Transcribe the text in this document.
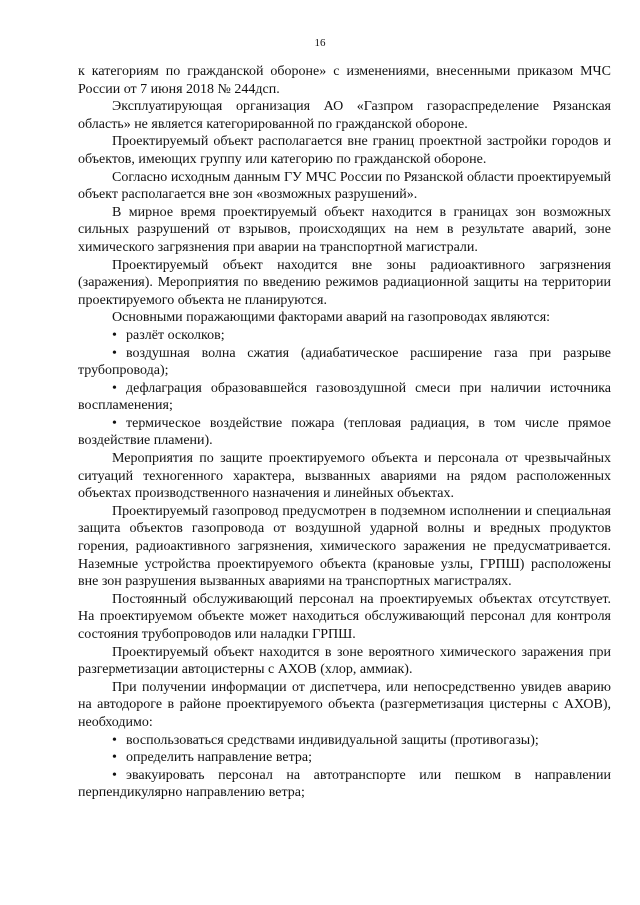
16

к категориям по гражданской обороне» с изменениями, внесенными приказом МЧС России от 7 июня 2018 № 244дсп.

Эксплуатирующая организация АО «Газпром газораспределение Рязанская область» не является категорированной по гражданской обороне.

Проектируемый объект располагается вне границ проектной застройки городов и объектов, имеющих группу или категорию по гражданской обороне.

Согласно исходным данным ГУ МЧС России по Рязанской области проектируемый объект располагается вне зон «возможных разрушений».

В мирное время проектируемый объект находится в границах зон возможных сильных разрушений от взрывов, происходящих на нем в результате аварий, зоне химического загрязнения при аварии на транспортной магистрали.

Проектируемый объект находится вне зоны радиоактивного загрязнения (заражения). Мероприятия по введению режимов радиационной защиты на территории проектируемого объекта не планируются.

Основными поражающими факторами аварий на газопроводах являются:

• разлёт осколков;

• воздушная волна сжатия (адиабатическое расширение газа при разрыве трубопровода);

• дефлаграция образовавшейся газовоздушной смеси при наличии источника воспламенения;

• термическое воздействие пожара (тепловая радиация, в том числе прямое воздействие пламени).

Мероприятия по защите проектируемого объекта и персонала от чрезвычайных ситуаций техногенного характера, вызванных авариями на рядом расположенных объектах производственного назначения и линейных объектах.

Проектируемый газопровод предусмотрен в подземном исполнении и специальная защита объектов газопровода от воздушной ударной волны и вредных продуктов горения, радиоактивного загрязнения, химического заражения не предусматривается. Наземные устройства проектируемого объекта (крановые узлы, ГРПШ) расположены вне зон разрушения вызванных авариями на транспортных магистралях.

Постоянный обслуживающий персонал на проектируемых объектах отсутствует. На проектируемом объекте может находиться обслуживающий персонал для контроля состояния трубопроводов или наладки ГРПШ.

Проектируемый объект находится в зоне вероятного химического заражения при разгерметизации автоцистерны с АХОВ (хлор, аммиак).

При получении информации от диспетчера, или непосредственно увидев аварию на автодороге в районе проектируемого объекта (разгерметизация цистерны с АХОВ), необходимо:

• воспользоваться средствами индивидуальной защиты (противогазы);

• определить направление ветра;

• эвакуировать персонал на автотранспорте или пешком в направлении перпендикулярно направлению ветра;
